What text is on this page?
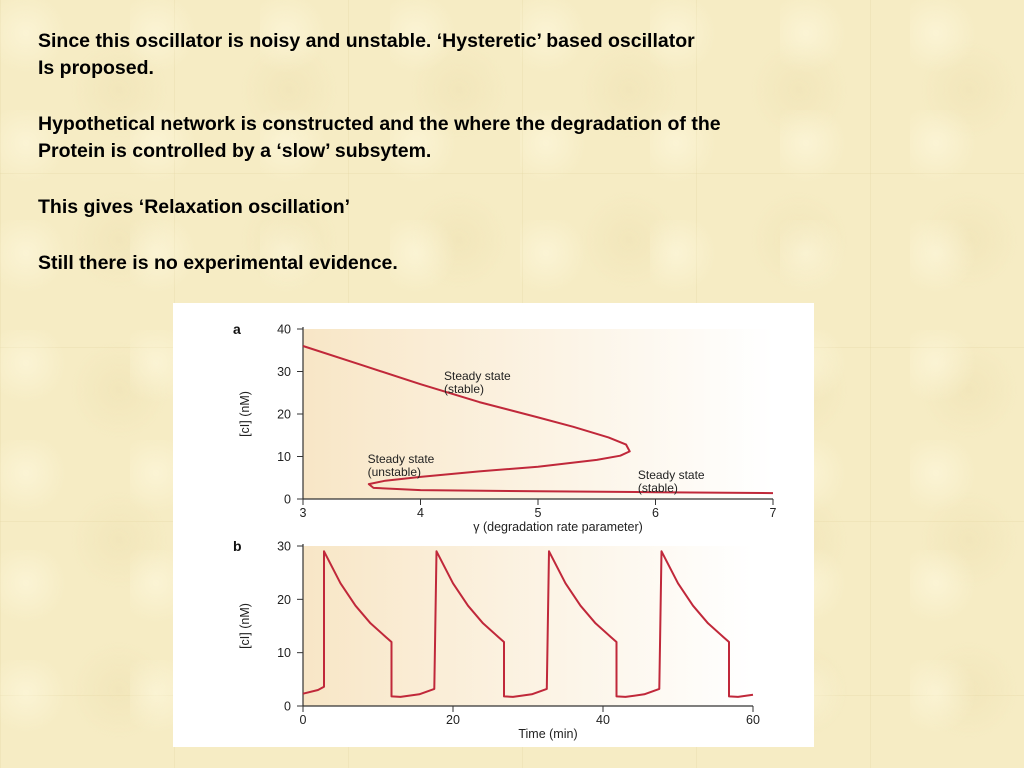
Since this oscillator is noisy and unstable. ‘Hysteretic’ based oscillator
Is proposed.

Hypothetical network is constructed and the where the degradation of the
Protein is controlled by a ‘slow’ subsytem.

This gives ‘Relaxation oscillation’

Still there is no experimental evidence.

0
10
20
30
40
3	4	5	6	7
a
γ (degradation rate parameter)
[cI] (nM)
Steady state (stable)
Steady state (unstable)	Steady state (stable)
0
10
20
30
0	20	40	60
b
Time (min)
[cI] (nM)
